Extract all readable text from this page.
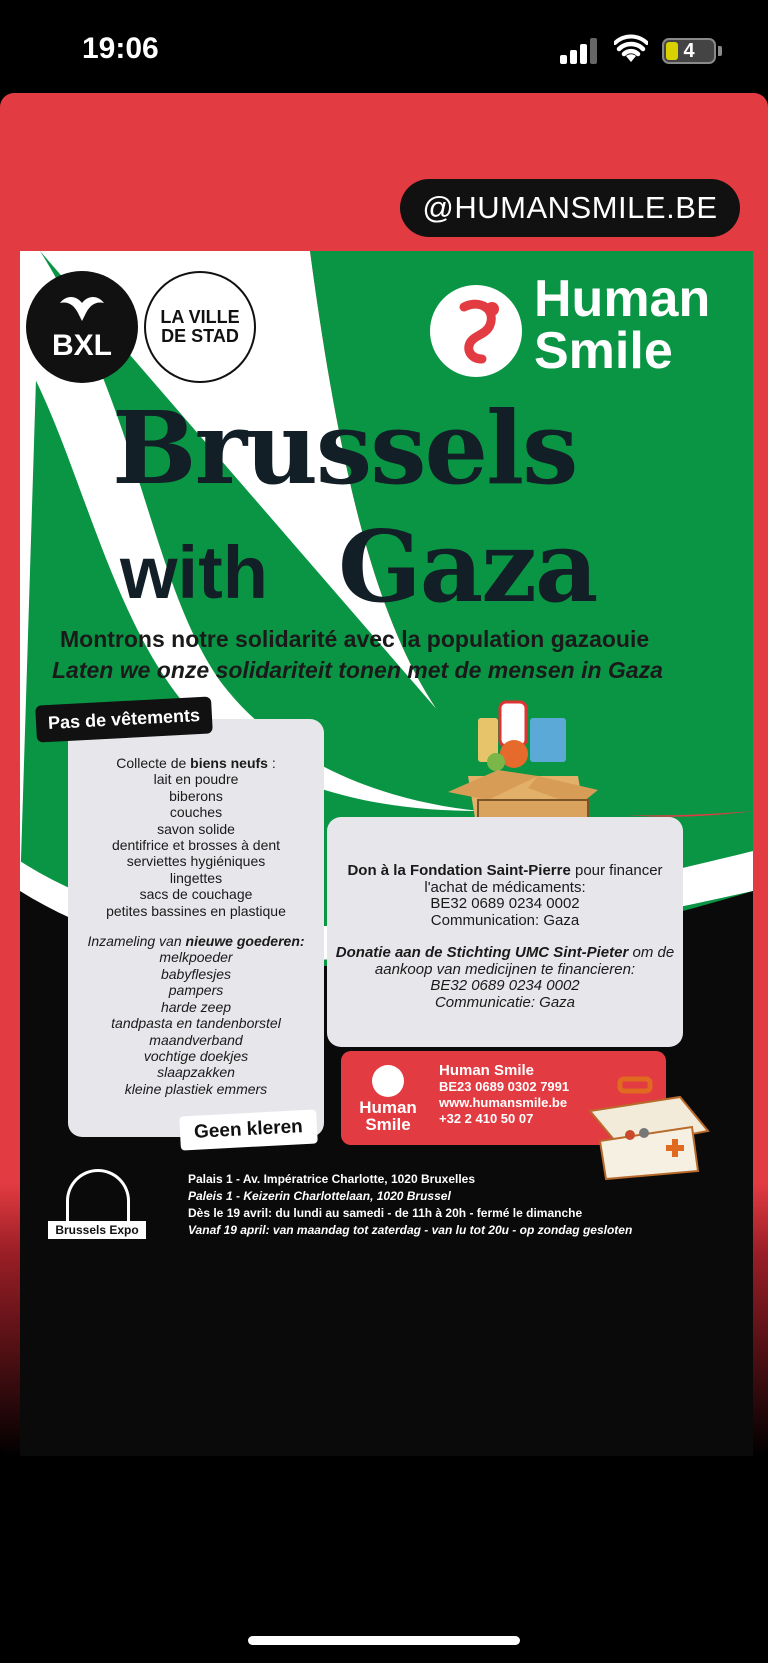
19:06	4
@HUMANSMILE.BE
BXL
LA VILLE
DE STAD
Human
Smile
Brussels
with Gaza
Montrons notre solidarité avec la population gazaouie
Laten we onze solidariteit tonen met de mensen in Gaza
Pas de vêtements
Collecte de biens neufs :
lait en poudre
biberons
couches
savon solide
dentifrice et brosses à dent
serviettes hygiéniques
lingettes
sacs de couchage
petites bassines en plastique
Inzameling van nieuwe goederen:
melkpoeder
babyflesjes
pampers
harde zeep
tandpasta en tandenborstel
maandverband
vochtige doekjes
slaapzakken
kleine plastiek emmers
Geen kleren
Don à la Fondation Saint-Pierre pour financer l'achat de médicaments:
BE32 0689 0234 0002
Communication: Gaza
Donatie aan de Stichting UMC Sint-Pieter om de aankoop van medicijnen te financieren:
BE32 0689 0234 0002
Communicatie: Gaza
Human
Smile
Human Smile
BE23 0689 0302 7991
www.humansmile.be
+32 2 410 50 07
Brussels Expo
Palais 1 - Av. Impératrice Charlotte, 1020 Bruxelles
Paleis 1 - Keizerin Charlottelaan, 1020 Brussel
Dès le 19 avril: du lundi au samedi - de 11h à 20h - fermé le dimanche
Vanaf 19 april: van maandag tot zaterdag - van lu tot 20u - op zondag gesloten
